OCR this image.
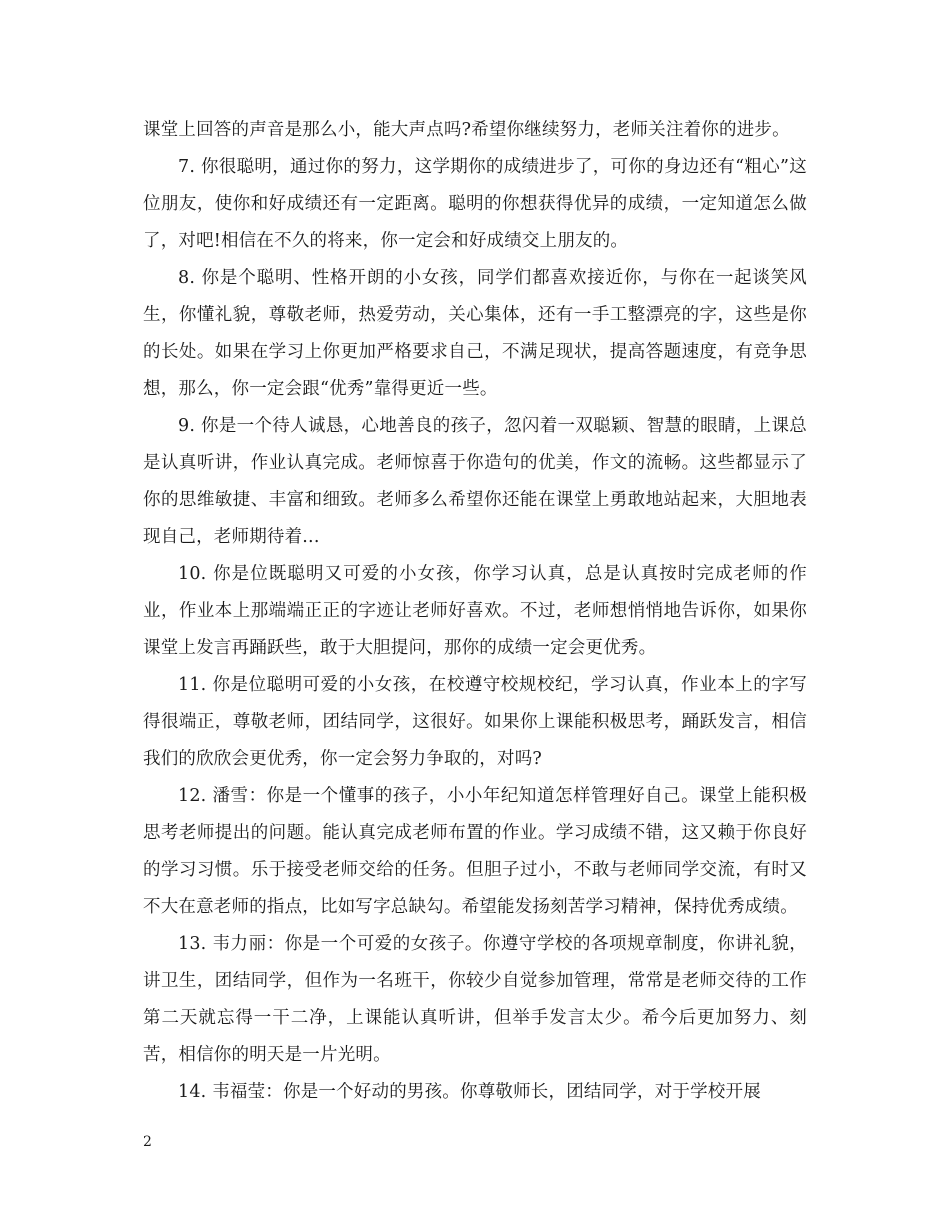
课堂上回答的声音是那么小，能大声点吗?希望你继续努力，老师关注着你的进步。

7. 你很聪明，通过你的努力，这学期你的成绩进步了，可你的身边还有“粗心”这位朋友，使你和好成绩还有一定距离。聪明的你想获得优异的成绩，一定知道怎么做了，对吧!相信在不久的将来，你一定会和好成绩交上朋友的。

8. 你是个聪明、性格开朗的小女孩，同学们都喜欢接近你，与你在一起谈笑风生，你懂礼貌，尊敬老师，热爱劳动，关心集体，还有一手工整漂亮的字，这些是你的长处。如果在学习上你更加严格要求自己，不满足现状，提高答题速度，有竞争思想，那么，你一定会跟“优秀”靠得更近一些。

9. 你是一个待人诚恳，心地善良的孩子，忽闪着一双聪颖、智慧的眼睛，上课总是认真听讲，作业认真完成。老师惊喜于你造句的优美，作文的流畅。这些都显示了你的思维敏捷、丰富和细致。老师多么希望你还能在课堂上勇敢地站起来，大胆地表现自己，老师期待着...

10. 你是位既聪明又可爱的小女孩，你学习认真，总是认真按时完成老师的作业，作业本上那端端正正的字迹让老师好喜欢。不过，老师想悄悄地告诉你，如果你课堂上发言再踊跃些，敢于大胆提问，那你的成绩一定会更优秀。

11. 你是位聪明可爱的小女孩，在校遵守校规校纪，学习认真，作业本上的字写得很端正，尊敬老师，团结同学，这很好。如果你上课能积极思考，踊跃发言，相信我们的欣欣会更优秀，你一定会努力争取的，对吗?

12. 潘雪：你是一个懂事的孩子，小小年纪知道怎样管理好自己。课堂上能积极思考老师提出的问题。能认真完成老师布置的作业。学习成绩不错，这又赖于你良好的学习习惯。乐于接受老师交给的任务。但胆子过小，不敢与老师同学交流，有时又不大在意老师的指点，比如写字总缺勾。希望能发扬刻苦学习精神，保持优秀成绩。

13. 韦力丽：你是一个可爱的女孩子。你遵守学校的各项规章制度，你讲礼貌，讲卫生，团结同学，但作为一名班干，你较少自觉参加管理，常常是老师交待的工作第二天就忘得一干二净，上课能认真听讲，但举手发言太少。希今后更加努力、刻苦，相信你的明天是一片光明。

14. 韦福莹：你是一个好动的男孩。你尊敬师长，团结同学，对于学校开展

2
